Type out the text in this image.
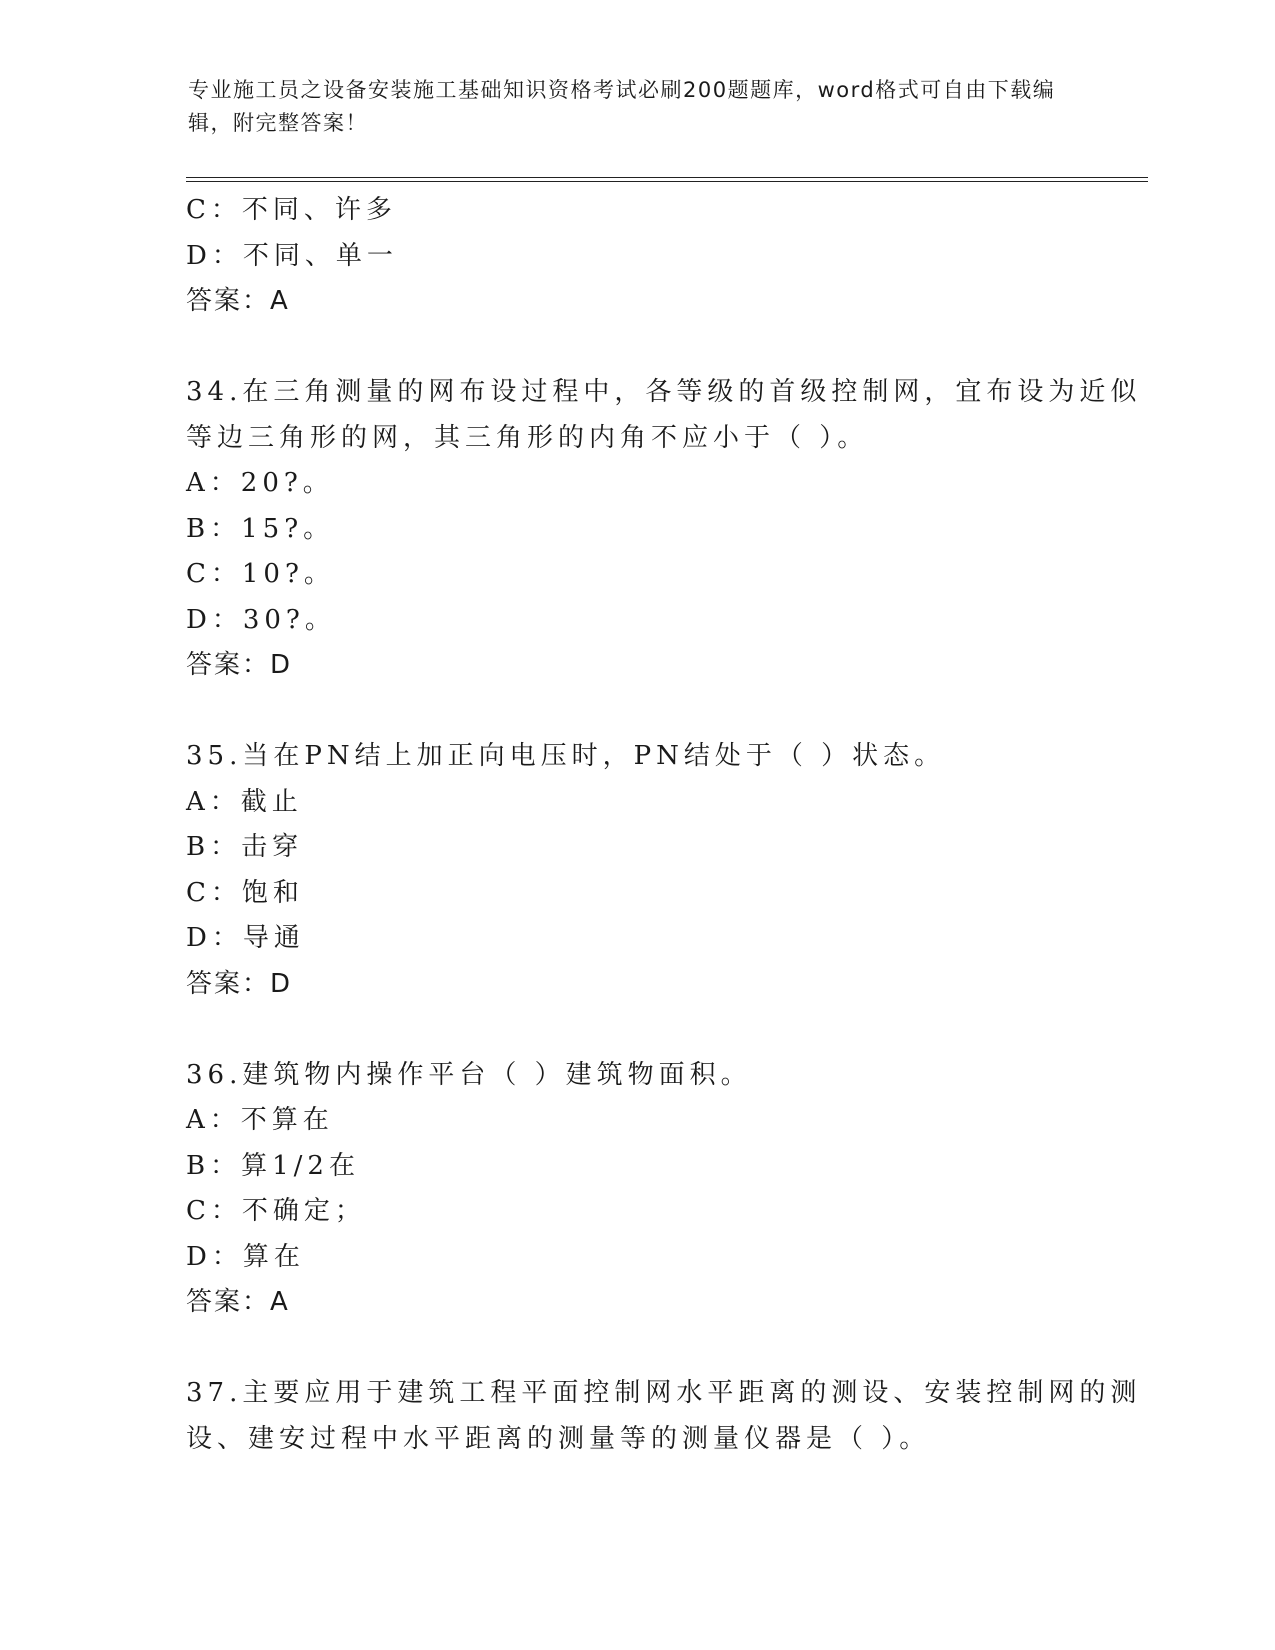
专业施工员之设备安装施工基础知识资格考试必刷200题题库，word格式可自由下载编辑，附完整答案！
C：不同、许多
D：不同、单一
答案：A
34.在三角测量的网布设过程中，各等级的首级控制网，宜布设为近似
等边三角形的网，其三角形的内角不应小于（ ）。
A：20?。
B：15?。
C：10?。
D：30?。
答案：D
35.当在PN结上加正向电压时，PN结处于（ ）状态。
A：截止
B：击穿
C：饱和
D：导通
答案：D
36.建筑物内操作平台（ ）建筑物面积。
A：不算在
B：算1/2在
C：不确定；
D：算在
答案：A
37.主要应用于建筑工程平面控制网水平距离的测设、安装控制网的测
设、建安过程中水平距离的测量等的测量仪器是（ ）。
